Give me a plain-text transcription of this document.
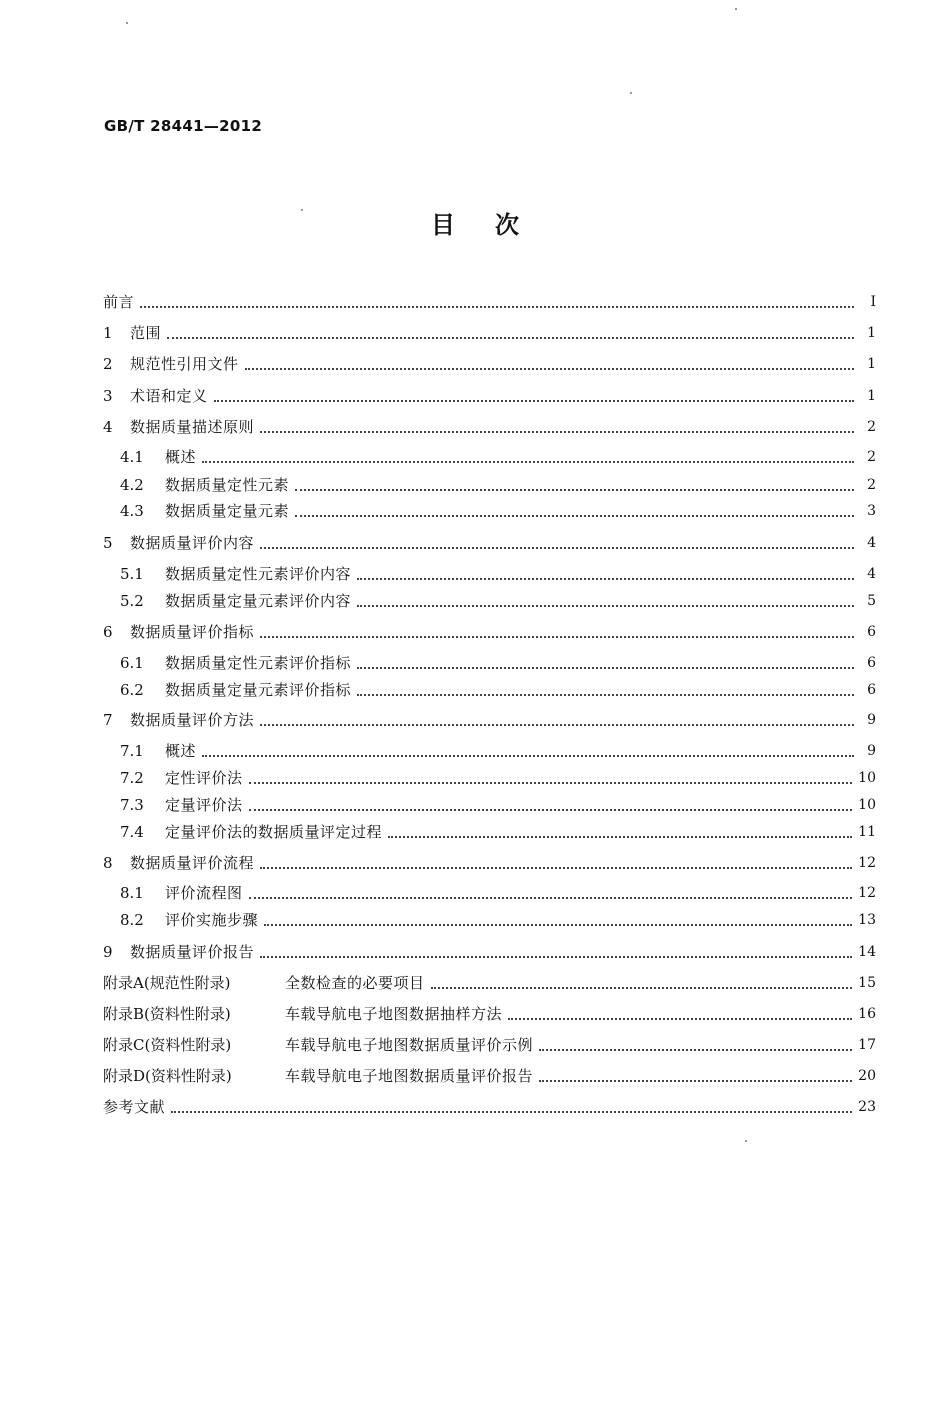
GB/T 28441—2012
目次
前言	I
1	范围	1
2	规范性引用文件	1
3	术语和定义	1
4	数据质量描述原则	2
4.1	概述	2
4.2	数据质量定性元素	2
4.3	数据质量定量元素	3
5	数据质量评价内容	4
5.1	数据质量定性元素评价内容	4
5.2	数据质量定量元素评价内容	5
6	数据质量评价指标	6
6.1	数据质量定性元素评价指标	6
6.2	数据质量定量元素评价指标	6
7	数据质量评价方法	9
7.1	概述	9
7.2	定性评价法	10
7.3	定量评价法	10
7.4	定量评价法的数据质量评定过程	11
8	数据质量评价流程	12
8.1	评价流程图	12
8.2	评价实施步骤	13
9	数据质量评价报告	14
附录A(规范性附录)	全数检查的必要项目	15
附录B(资料性附录)	车载导航电子地图数据抽样方法	16
附录C(资料性附录)	车载导航电子地图数据质量评价示例	17
附录D(资料性附录)	车载导航电子地图数据质量评价报告	20
参考文献	23
